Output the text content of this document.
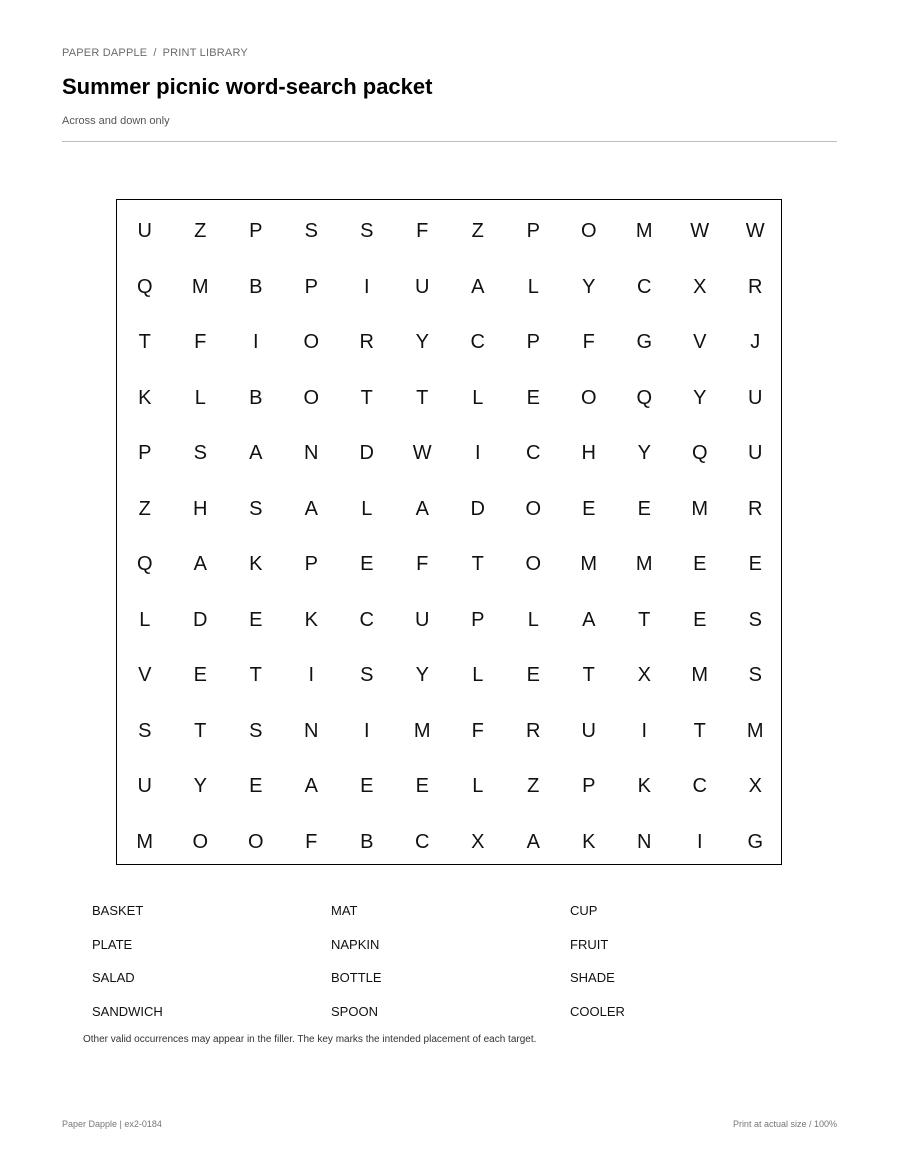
PAPER DAPPLE / PRINT LIBRARY
Summer picnic word-search packet
Across and down only
U	Z	P	S	S	F	Z	P	O	M	W	W
Q	M	B	P	I	U	A	L	Y	C	X	R
T	F	I	O	R	Y	C	P	F	G	V	J
K	L	B	O	T	T	L	E	O	Q	Y	U
P	S	A	N	D	W	I	C	H	Y	Q	U
Z	H	S	A	L	A	D	O	E	E	M	R
Q	A	K	P	E	F	T	O	M	M	E	E
L	D	E	K	C	U	P	L	A	T	E	S
V	E	T	I	S	Y	L	E	T	X	M	S
S	T	S	N	I	M	F	R	U	I	T	M
U	Y	E	A	E	E	L	Z	P	K	C	X
M	O	O	F	B	C	X	A	K	N	I	G
BASKET	MAT	CUP
PLATE	NAPKIN	FRUIT
SALAD	BOTTLE	SHADE
SANDWICH	SPOON	COOLER
Other valid occurrences may appear in the filler. The key marks the intended placement of each target.
Paper Dapple | ex2-0184	Print at actual size / 100%
